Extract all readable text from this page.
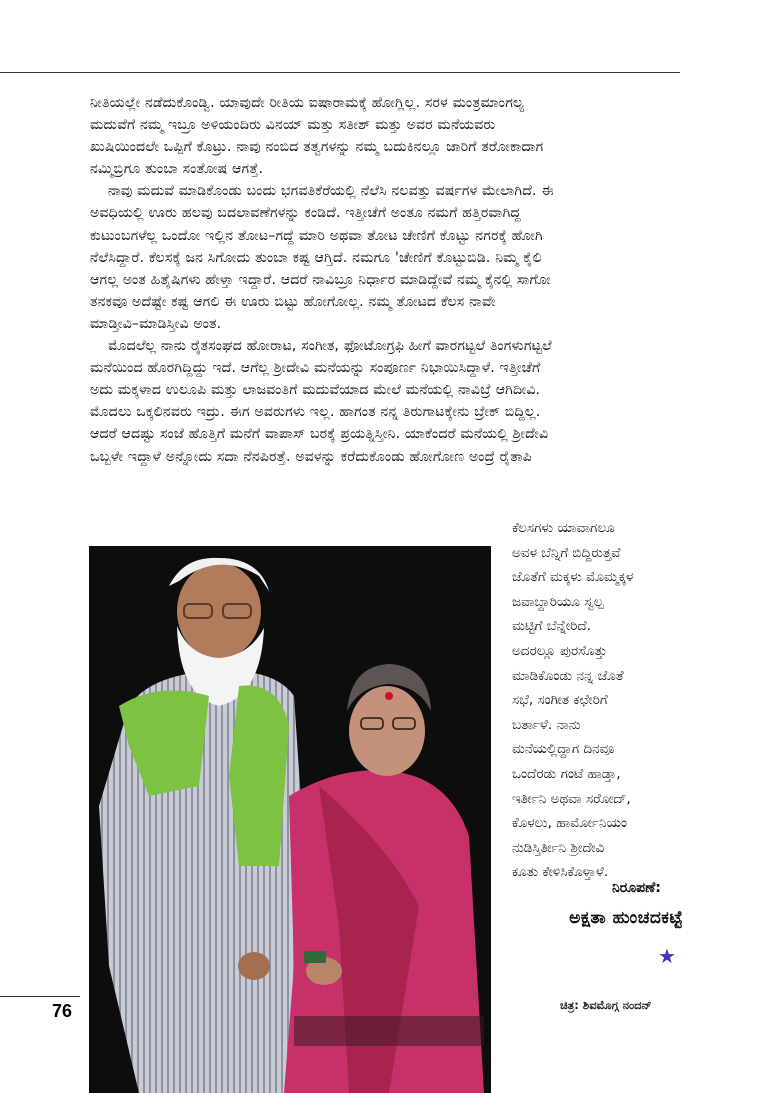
ನೀತಿಯಲ್ಲೇ ನಡೆದುಕೊಂಡ್ವಿ. ಯಾವುದೇ ರೀತಿಯ ಐಷಾರಾಮಕ್ಕೆ ಹೋಗ್ಲಿಲ್ಲ. ಸರಳ ಮಂತ್ರಮಾಂಗಲ್ಯ
ಮದುವೆಗೆ ನಮ್ಮ ಇಬ್ರೂ ಅಳಿಯಂದಿರು ವಿನಯ್ ಮತ್ತು ಸತೀಶ್ ಮತ್ತು ಅವರ ಮನೆಯವರು
ಖುಷಿಯಿಂದಲೇ ಒಪ್ಪಿಗೆ ಕೊಟ್ರು. ನಾವು ನಂಬಿದ ತತ್ವಗಳನ್ನು ನಮ್ಮ ಬದುಕಿನಲ್ಲೂ ಜಾರಿಗೆ ತರೋಕಾದಾಗ
ನಮ್ಮಿಬ್ರಿಗೂ ತುಂಬಾ ಸಂತೋಷ ಆಗತ್ತೆ.
ನಾವು ಮದುವೆ ಮಾಡಿಕೊಂಡು ಬಂದು ಭಗವತಿಕೆರೆಯಲ್ಲಿ ನೆಲೆಸಿ ನಲವತ್ತು ವರ್ಷಗಳ ಮೇಲಾಗಿದೆ. ಈ
ಅವಧಿಯಲ್ಲಿ ಊರು ಹಲವು ಬದಲಾವಣೆಗಳನ್ನು ಕಂಡಿದೆ. ಇತ್ತೀಚೆಗೆ ಅಂತೂ ನಮಗೆ ಹತ್ತಿರವಾಗಿದ್ದ
ಕುಟುಂಬಗಳೆಲ್ಲ ಒಂದೋ ಇಲ್ಲಿನ ತೋಟ–ಗದ್ದೆ ಮಾರಿ ಅಥವಾ ತೋಟ ಚೇಣಿಗೆ ಕೊಟ್ಟು ನಗರಕ್ಕೆ ಹೋಗಿ
ನೆಲೆಸಿದ್ದಾರೆ. ಕೆಲಸಕ್ಕೆ ಜನ ಸಿಗೋದು ತುಂಬಾ ಕಷ್ಟ ಆಗ್ತಿದೆ. ನಮಗೂ 'ಚೇಣಿಗೆ ಕೊಟ್ಟುಬಿಡಿ. ನಿಮ್ಮ ಕೈಲಿ
ಆಗಲ್ಲ ಅಂತ ಹಿತೈಷಿಗಳು ಹೇಳ್ತಾ ಇದ್ದಾರೆ. ಆದರೆ ನಾವಿಬ್ರೂ ನಿರ್ಧಾರ ಮಾಡಿದ್ದೇವೆ ನಮ್ಮ ಕೈನಲ್ಲಿ ಸಾಗೋ
ತನಕವೂ ಅದೆಷ್ಟೇ ಕಷ್ಟ ಆಗಲಿ ಈ ಊರು ಬಿಟ್ಟು ಹೋಗೋಲ್ಲ. ನಮ್ಮ ತೋಟದ ಕೆಲಸ ನಾವೇ
ಮಾಡ್ತೀವಿ–ಮಾಡಿಸ್ತೀವಿ ಅಂತ.
ಮೊದಲೆಲ್ಲ ನಾನು ರೈತಸಂಘದ ಹೋರಾಟ, ಸಂಗೀತ, ಫೋಟೋಗ್ರಫಿ ಹೀಗೆ ವಾರಗಟ್ಟಲೆ ತಿಂಗಳುಗಟ್ಟಲೆ
ಮನೆಯಿಂದ ಹೊರಗಿದ್ದಿದ್ದು ಇದೆ. ಆಗೆಲ್ಲ ಶ್ರೀದೇವಿ ಮನೆಯನ್ನು ಸಂಪೂರ್ಣ ನಿಭಾಯಿಸಿದ್ದಾಳೆ. ಇತ್ತೀಚೆಗೆ
ಅದು ಮಕ್ಕಳಾದ ಉಲೂಪಿ ಮತ್ತು ಲಾಜವಂತಿಗೆ ಮದುವೆಯಾದ ಮೇಲೆ ಮನೆಯಲ್ಲಿ ನಾವಿಬ್ರೆ ಆಗಿದೀವಿ.
ಮೊದಲು ಒಕ್ಕಲಿನವರು ಇದ್ರು. ಈಗ ಅವರುಗಳು ಇಲ್ಲ. ಹಾಗಂತ ನನ್ನ ತಿರುಗಾಟಕ್ಕೇನು ಬ್ರೇಕ್ ಬಿದ್ದಿಲ್ಲ.
ಆದರೆ ಆದಷ್ಟು ಸಂಜೆ ಹೊತ್ತಿಗೆ ಮನೆಗೆ ವಾಪಾಸ್ ಬರಕ್ಕೆ ಪ್ರಯತ್ನಿಸ್ತೀನಿ. ಯಾಕೆಂದರೆ ಮನೆಯಲ್ಲಿ ಶ್ರೀದೇವಿ
ಒಬ್ಬಳೇ ಇದ್ದಾಳೆ ಅನ್ನೋದು ಸದಾ ನೆನಪಿರತ್ತೆ. ಅವಳನ್ನು ಕರೆದುಕೊಂಡು ಹೋಗೋಣ ಅಂದ್ರೆ ರೈತಾಪಿ
ಕೆಲಸಗಳು ಯಾವಾಗಲೂ
ಅವಳ ಬೆನ್ನಿಗೆ ಬಿದ್ದಿರುತ್ತವೆ
ಜೊತೆಗೆ ಮಕ್ಕಳು ಮೊಮ್ಮಕ್ಕಳ
ಜವಾಬ್ದಾರಿಯೂ ಸ್ವಲ್ಪ
ಮಟ್ಟಿಗೆ ಬೆನ್ನೇರಿದೆ.
ಅದರಲ್ಲೂ ಪುರಸೊತ್ತು
ಮಾಡಿಕೊಂಡು ನನ್ನ ಜೊತೆ
ಸಭೆ, ಸಂಗೀತ ಕಛೇರಿಗೆ
ಬರ್ತಾಳೆ. ನಾನು
ಮನೆಯಲ್ಲಿದ್ದಾಗ ದಿನವೂ
ಒಂದೆರಡು ಗಂಟೆ ಹಾಡ್ತಾ,
ಇರ್ತೀನಿ ಅಥವಾ ಸರೋದ್,
ಕೊಳಲು, ಹಾರ್ಮೋನಿಯಂ
ನುಡಿಸ್ತಿರ್ತೀನಿ ಶ್ರೀದೇವಿ
ಕೂತು ಕೇಳಿಸಿಕೊಳ್ತಾಳೆ.
ನಿರೂಪಣೆ:
ಅಕ್ಷತಾ ಹುಂಚದಕಟ್ಟೆ
★
76	ಚಿತ್ರ: ಶಿವಮೊಗ್ಗ ನಂದನ್
